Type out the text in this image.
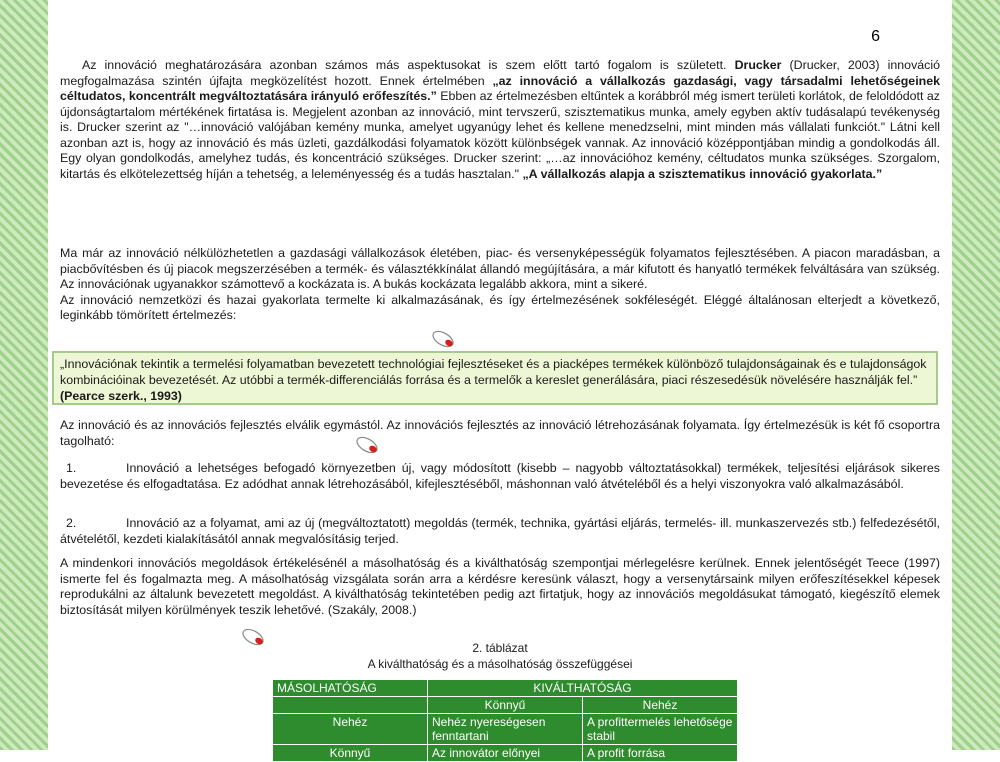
6
Az innováció meghatározására azonban számos más aspektusokat is szem előtt tartó fogalom is született. Drucker (Drucker, 2003) innováció megfogalmazása szintén újfajta megközelítést hozott. Ennek értelmében „az innováció a vállalkozás gazdasági, vagy társadalmi lehetőségeinek céltudatos, koncentrált megváltoztatására irányuló erőfeszítés.” Ebben az értelmezésben eltűntek a korábbról még ismert területi korlátok, de feloldódott az újdonságtartalom mértékének firtatása is. Megjelent azonban az innováció, mint tervszerű, szisztematikus munka, amely egyben aktív tudásalapú tevékenység is. Drucker szerint az "…innováció valójában kemény munka, amelyet ugyanúgy lehet és kellene menedzselni, mint minden más vállalati funkciót." Látni kell azonban azt is, hogy az innováció és más üzleti, gazdálkodási folyamatok között különbségek vannak. Az innováció középpontjában mindig a gondolkodás áll. Egy olyan gondolkodás, amelyhez tudás, és koncentráció szükséges. Drucker szerint: „…az innovációhoz kemény, céltudatos munka szükséges. Szorgalom, kitartás és elkötelezettség híján a tehetség, a leleményesség és a tudás hasztalan." „A vállalkozás alapja a szisztematikus innováció gyakorlata.”
Ma már az innováció nélkülözhetetlen a gazdasági vállalkozások életében, piac- és versenyképességük folyamatos fejlesztésében. A piacon maradásban, a piacbővítésben és új piacok megszerzésében a termék- és választékkínálat állandó megújítására, a már kifutott és hanyatló termékek felváltására van szükség. Az innovációnak ugyanakkor számottevő a kockázata is. A bukás kockázata legalább akkora, mint a sikeré.
Az innováció nemzetközi és hazai gyakorlata termelte ki alkalmazásának, és így értelmezésének sokféleségét. Eléggé általánosan elterjedt a következő, leginkább tömörített értelmezés:
„Innovációnak tekintik a termelési folyamatban bevezetett technológiai fejlesztéseket és a piacképes termékek különböző tulajdonságainak és e tulajdonságok kombinációinak bevezetését. Az utóbbi a termék-differenciálás forrása és a termelők a kereslet generálására, piaci részesedésük növelésére használják fel.” (Pearce szerk., 1993)
Az innováció és az innovációs fejlesztés elválik egymástól. Az innovációs fejlesztés az innováció létrehozásának folyamata. Így értelmezésük is két fő csoportra tagolható:
1.	Innováció a lehetséges befogadó környezetben új, vagy módosított (kisebb – nagyobb változtatásokkal) termékek, teljesítési eljárások sikeres bevezetése és elfogadtatása. Ez adódhat annak létrehozásából, kifejlesztéséből, máshonnan való átvételéből és a helyi viszonyokra való alkalmazásából.
2.	Innováció az a folyamat, ami az új (megváltoztatott) megoldás (termék, technika, gyártási eljárás, termelés- ill. munkaszervezés stb.) felfedezésétől, átvételétől, kezdeti kialakításától annak megvalósításig terjed.
A mindenkori innovációs megoldások értékelésénél a másolhatóság és a kiválthatóság szempontjai mérlegelésre kerülnek. Ennek jelentőségét Teece (1997) ismerte fel és fogalmazta meg. A másolhatóság vizsgálata során arra a kérdésre keresünk választ, hogy a versenytársaink milyen erőfeszítésekkel képesek reprodukálni az általunk bevezetett megoldást. A kiválthatóság tekintetében pedig azt firtatjuk, hogy az innovációs megoldásukat támogató, kiegészítő elemek biztosítását milyen körülmények teszik lehetővé. (Szakály, 2008.)
2. táblázat
A kiválthatóság és a másolhatóság összefüggései
MÁSOLHATÓSÁG	KIVÁLTHATÓSÁG	
	Könnyű	Nehéz
Nehéz	Nehéz nyereségesen fenntartani	A profittermelés lehetősége stabil
Könnyű	Az innovátor előnyei	A profit forrása
